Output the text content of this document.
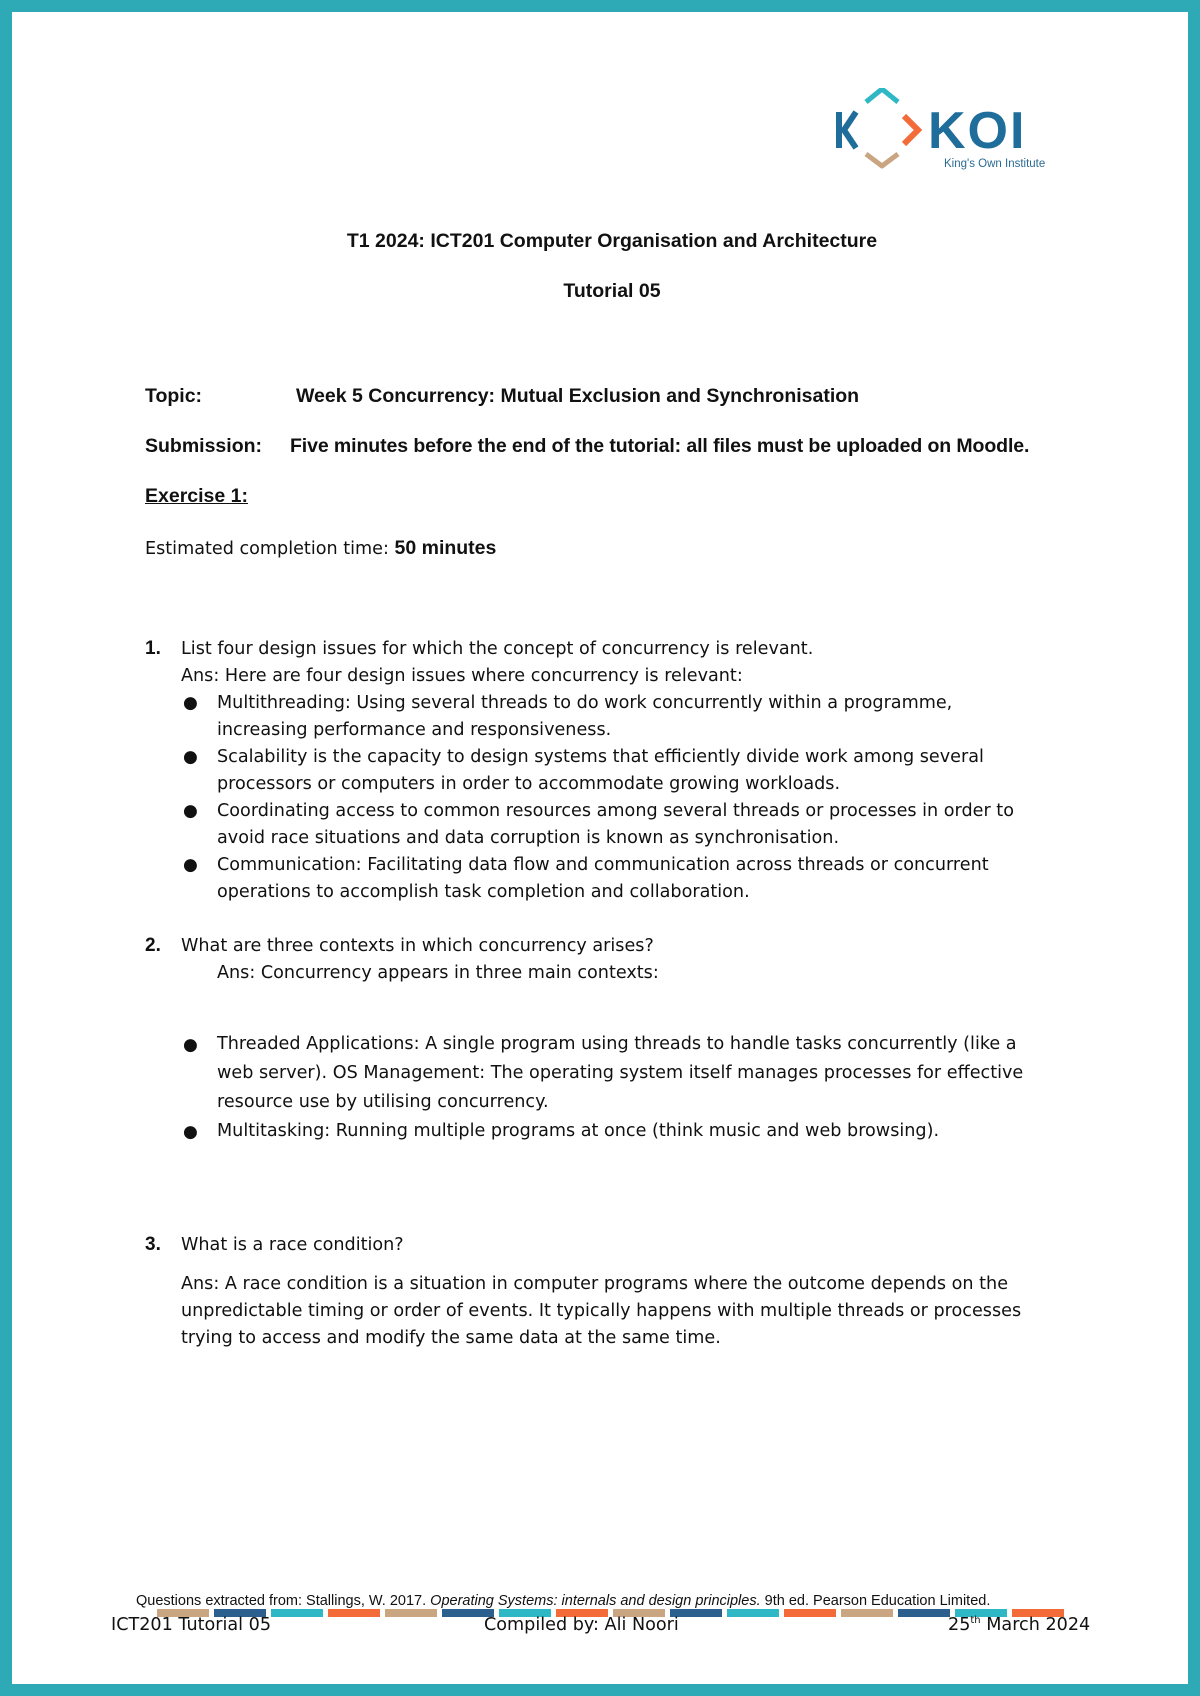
KOI
King's Own Institute
T1 2024: ICT201 Computer Organisation and Architecture
Tutorial 05
Topic:	Week 5 Concurrency: Mutual Exclusion and Synchronisation
Submission: Five minutes before the end of the tutorial: all files must be uploaded on Moodle.
Exercise 1:
Estimated completion time: 50 minutes
1. List four design issues for which the concept of concurrency is relevant.
Ans: Here are four design issues where concurrency is relevant:
● Multithreading: Using several threads to do work concurrently within a programme, increasing performance and responsiveness.
● Scalability is the capacity to design systems that efficiently divide work among several processors or computers in order to accommodate growing workloads.
● Coordinating access to common resources among several threads or processes in order to avoid race situations and data corruption is known as synchronisation.
● Communication: Facilitating data flow and communication across threads or concurrent operations to accomplish task completion and collaboration.
2. What are three contexts in which concurrency arises?
Ans: Concurrency appears in three main contexts:
● Threaded Applications: A single program using threads to handle tasks concurrently (like a web server). OS Management: The operating system itself manages processes for effective resource use by utilising concurrency.
● Multitasking: Running multiple programs at once (think music and web browsing).
3. What is a race condition?
Ans: A race condition is a situation in computer programs where the outcome depends on the unpredictable timing or order of events. It typically happens with multiple threads or processes trying to access and modify the same data at the same time.
Questions extracted from: Stallings, W. 2017. Operating Systems: internals and design principles. 9th ed. Pearson Education Limited.
ICT201 Tutorial 05	Compiled by: Ali Noori	25th March 2024
